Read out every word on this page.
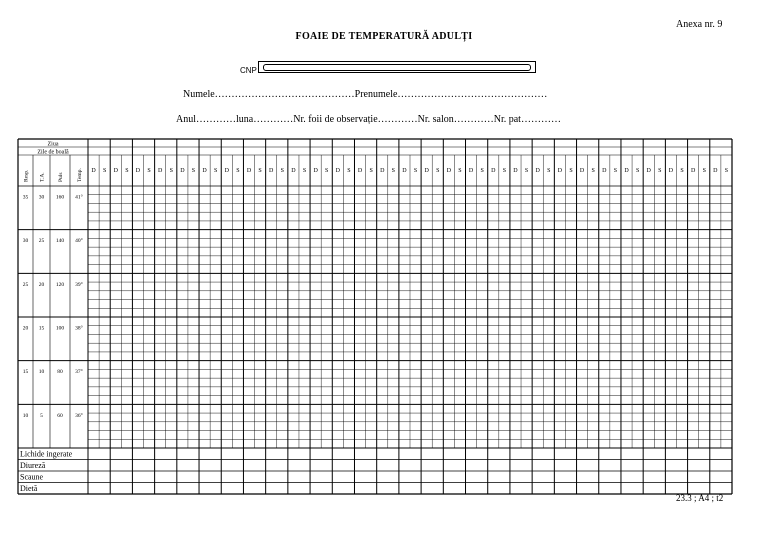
Anexa nr. 9
FOAIE DE TEMPERATURĂ ADULȚI
CNP
Numele……………………………………Prenumele………………………………………
Anul…………luna…………Nr. foii de observație…………Nr. salon…………Nr. pat…………
Ziua
Zile de boală
Resp. T.A. Puls Temp.
35 30 160 41°
30 25 140 40°
25 20 120 39°
20 15 100 38°
15 10 80 37°
10 5	60 36°
D S D S D S D S D S D S D S D S D S D S D S D S D S D S D S D S D S D S D S D S D S D S D S D S D S D S D S D S D S
Lichide ingerate
Diureză
Scaune
Dietă
23.3 ; A4 ; t2
